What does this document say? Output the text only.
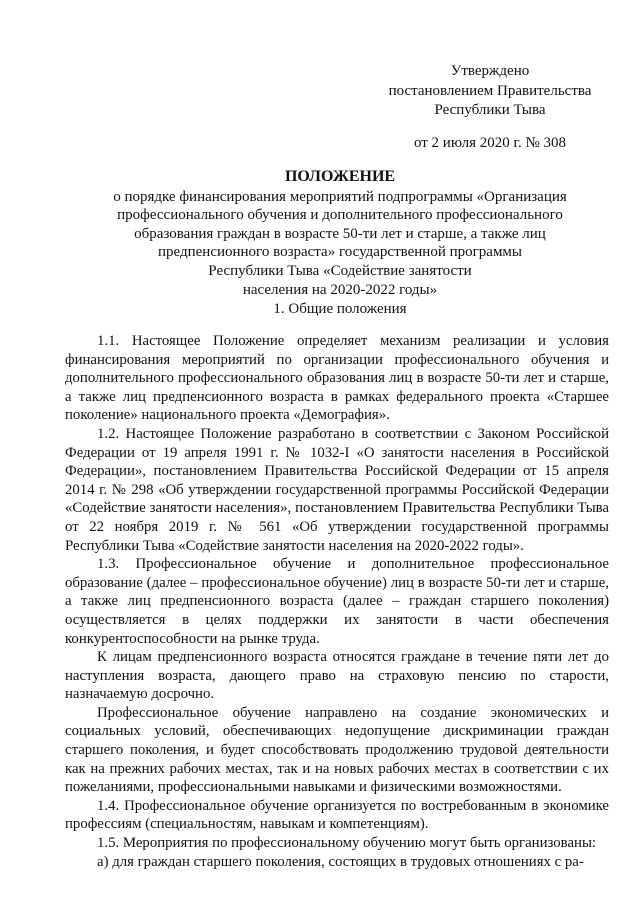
Утверждено
постановлением Правительства
Республики Тыва
от 2 июля 2020 г. № 308
ПОЛОЖЕНИЕ
о порядке финансирования мероприятий подпрограммы «Организация
профессионального обучения и дополнительного профессионального
образования граждан в возрасте 50-ти лет и старше, а также лиц
предпенсионного возраста» государственной программы
Республики Тыва «Содействие занятости
населения на 2020-2022 годы»
1. Общие положения

1.1. Настоящее Положение определяет механизм реализации и условия финансирования мероприятий по организации профессионального обучения и дополнительного профессионального образования лиц в возрасте 50-ти лет и старше, а также лиц предпенсионного возраста в рамках федерального проекта «Старшее поколение» национального проекта «Демография».

1.2. Настоящее Положение разработано в соответствии с Законом Российской Федерации от 19 апреля 1991 г. № 1032-I «О занятости населения в Российской Федерации», постановлением Правительства Российской Федерации от 15 апреля 2014 г. № 298 «Об утверждении государственной программы Российской Федерации «Содействие занятости населения», постановлением Правительства Республики Тыва от 22 ноября 2019 г. № 561 «Об утверждении государственной программы Республики Тыва «Содействие занятости населения на 2020-2022 годы».

1.3. Профессиональное обучение и дополнительное профессиональное образование (далее – профессиональное обучение) лиц в возрасте 50-ти лет и старше, а также лиц предпенсионного возраста (далее – граждан старшего поколения) осуществляется в целях поддержки их занятости в части обеспечения конкурентоспособности на рынке труда.

К лицам предпенсионного возраста относятся граждане в течение пяти лет до наступления возраста, дающего право на страховую пенсию по старости, назначаемую досрочно.

Профессиональное обучение направлено на создание экономических и социальных условий, обеспечивающих недопущение дискриминации граждан старшего поколения, и будет способствовать продолжению трудовой деятельности как на прежних рабочих местах, так и на новых рабочих местах в соответствии с их пожеланиями, профессиональными навыками и физическими возможностями.

1.4. Профессиональное обучение организуется по востребованным в экономике профессиям (специальностям, навыкам и компетенциям).

1.5. Мероприятия по профессиональному обучению могут быть организованы:

а) для граждан старшего поколения, состоящих в трудовых отношениях с ра-
